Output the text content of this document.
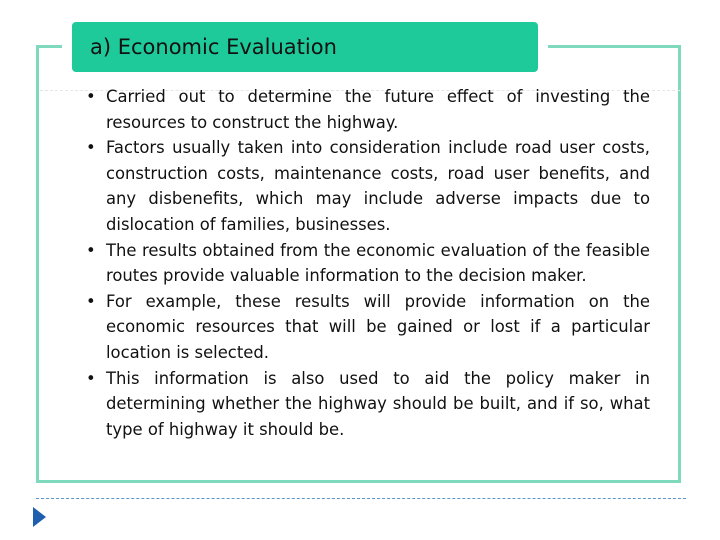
a) Economic Evaluation
• Carried out to determine the future effect of investing the resources to construct the highway.
• Factors usually taken into consideration include road user costs, construction costs, maintenance costs, road user benefits, and any disbenefits, which may include adverse impacts due to dislocation of families, businesses.
• The results obtained from the economic evaluation of the feasible routes provide valuable information to the decision maker.
• For example, these results will provide information on the economic resources that will be gained or lost if a particular location is selected.
• This information is also used to aid the policy maker in determining whether the highway should be built, and if so, what type of highway it should be.
